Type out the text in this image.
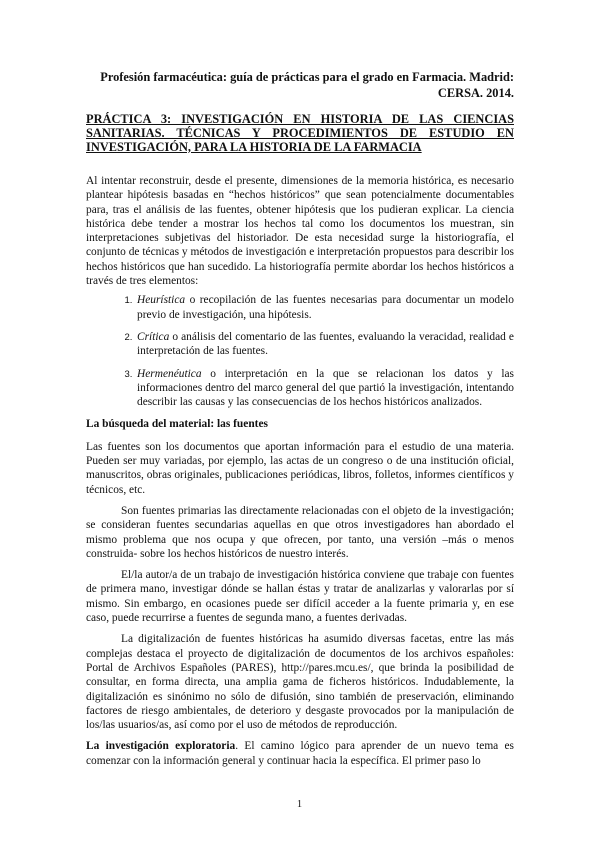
Profesión farmacéutica: guía de prácticas para el grado en Farmacia. Madrid: CERSA. 2014.
PRÁCTICA 3: INVESTIGACIÓN EN HISTORIA DE LAS CIENCIAS SANITARIAS. TÉCNICAS Y PROCEDIMIENTOS DE ESTUDIO EN INVESTIGACIÓN, PARA LA HISTORIA DE LA FARMACIA

Al intentar reconstruir, desde el presente, dimensiones de la memoria histórica, es necesario plantear hipótesis basadas en “hechos históricos” que sean potencialmente documentables para, tras el análisis de las fuentes, obtener hipótesis que los pudieran explicar. La ciencia histórica debe tender a mostrar los hechos tal como los documentos los muestran, sin interpretaciones subjetivas del historiador. De esta necesidad surge la historiografía, el conjunto de técnicas y métodos de investigación e interpretación propuestos para describir los hechos históricos que han sucedido. La historiografía permite abordar los hechos históricos a través de tres elementos:

1. Heurística o recopilación de las fuentes necesarias para documentar un modelo previo de investigación, una hipótesis.
2. Crítica o análisis del comentario de las fuentes, evaluando la veracidad, realidad e interpretación de las fuentes.
3. Hermenéutica o interpretación en la que se relacionan los datos y las informaciones dentro del marco general del que partió la investigación, intentando describir las causas y las consecuencias de los hechos históricos analizados.

La búsqueda del material: las fuentes

Las fuentes son los documentos que aportan información para el estudio de una materia. Pueden ser muy variadas, por ejemplo, las actas de un congreso o de una institución oficial, manuscritos, obras originales, publicaciones periódicas, libros, folletos, informes científicos y técnicos, etc.

Son fuentes primarias las directamente relacionadas con el objeto de la investigación; se consideran fuentes secundarias aquellas en que otros investigadores han abordado el mismo problema que nos ocupa y que ofrecen, por tanto, una versión –más o menos construida- sobre los hechos históricos de nuestro interés.

El/la autor/a de un trabajo de investigación histórica conviene que trabaje con fuentes de primera mano, investigar dónde se hallan éstas y tratar de analizarlas y valorarlas por sí mismo. Sin embargo, en ocasiones puede ser difícil acceder a la fuente primaria y, en ese caso, puede recurrirse a fuentes de segunda mano, a fuentes derivadas.

La digitalización de fuentes históricas ha asumido diversas facetas, entre las más complejas destaca el proyecto de digitalización de documentos de los archivos españoles: Portal de Archivos Españoles (PARES), http://pares.mcu.es/, que brinda la posibilidad de consultar, en forma directa, una amplia gama de ficheros históricos. Indudablemente, la digitalización es sinónimo no sólo de difusión, sino también de preservación, eliminando factores de riesgo ambientales, de deterioro y desgaste provocados por la manipulación de los/las usuarios/as, así como por el uso de métodos de reproducción.

La investigación exploratoria. El camino lógico para aprender de un nuevo tema es comenzar con la información general y continuar hacia la específica. El primer paso lo

1
